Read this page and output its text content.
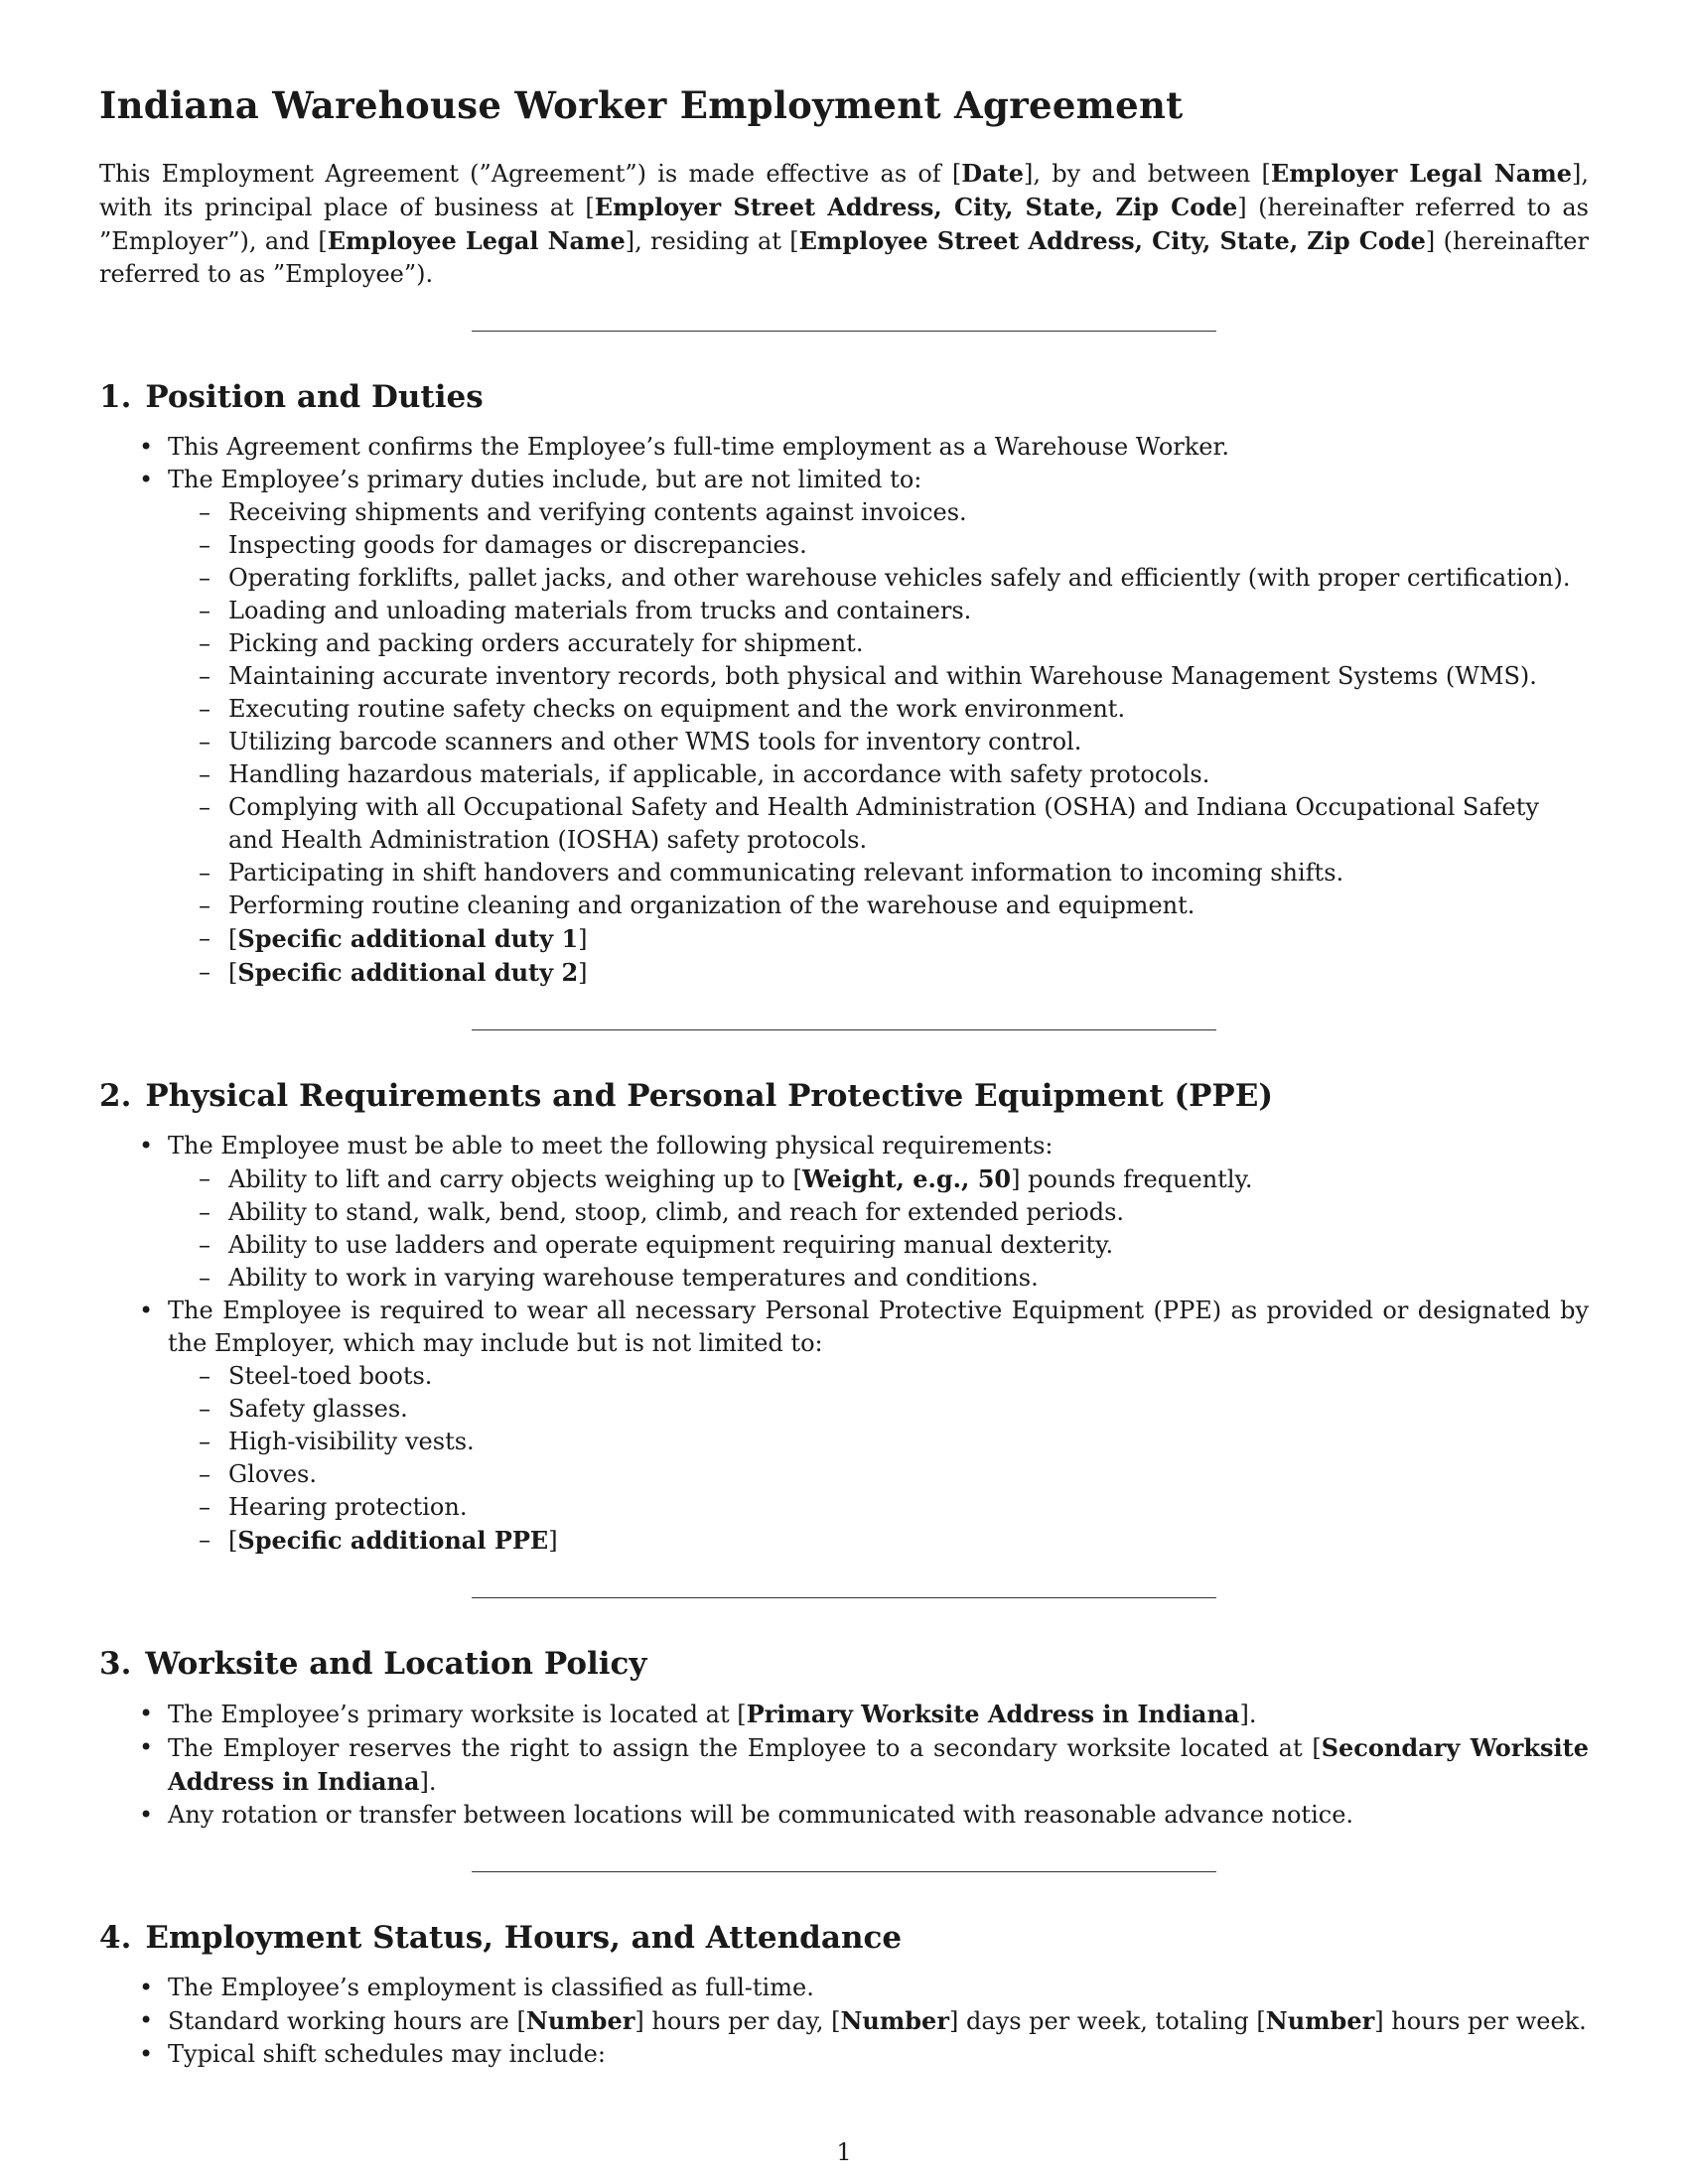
Indiana Warehouse Worker Employment Agreement

This Employment Agreement (”Agreement”) is made effective as of [Date], by and between [Employer Legal Name], with its principal place of business at [Employer Street Address, City, State, Zip Code] (hereinafter referred to as ”Employer”), and [Employee Legal Name], residing at [Employee Street Address, City, State, Zip Code] (hereinafter referred to as ”Employee”).

1. Position and Duties
• This Agreement confirms the Employee’s full-time employment as a Warehouse Worker.
• The Employee’s primary duties include, but are not limited to:
– Receiving shipments and verifying contents against invoices.
– Inspecting goods for damages or discrepancies.
– Operating forklifts, pallet jacks, and other warehouse vehicles safely and efficiently (with proper certification).
– Loading and unloading materials from trucks and containers.
– Picking and packing orders accurately for shipment.
– Maintaining accurate inventory records, both physical and within Warehouse Management Systems (WMS).
– Executing routine safety checks on equipment and the work environment.
– Utilizing barcode scanners and other WMS tools for inventory control.
– Handling hazardous materials, if applicable, in accordance with safety protocols.
– Complying with all Occupational Safety and Health Administration (OSHA) and Indiana Occupational Safety and Health Administration (IOSHA) safety protocols.
– Participating in shift handovers and communicating relevant information to incoming shifts.
– Performing routine cleaning and organization of the warehouse and equipment.
– [Specific additional duty 1]
– [Specific additional duty 2]
2. Physical Requirements and Personal Protective Equipment (PPE)
• The Employee must be able to meet the following physical requirements:
– Ability to lift and carry objects weighing up to [Weight, e.g., 50] pounds frequently.
– Ability to stand, walk, bend, stoop, climb, and reach for extended periods.
– Ability to use ladders and operate equipment requiring manual dexterity.
– Ability to work in varying warehouse temperatures and conditions.
• The Employee is required to wear all necessary Personal Protective Equipment (PPE) as provided or designated by the Employer, which may include but is not limited to:
– Steel-toed boots.
– Safety glasses.
– High-visibility vests.
– Gloves.
– Hearing protection.
– [Specific additional PPE]
3. Worksite and Location Policy
• The Employee’s primary worksite is located at [Primary Worksite Address in Indiana].
• The Employer reserves the right to assign the Employee to a secondary worksite located at [Secondary Worksite Address in Indiana].
• Any rotation or transfer between locations will be communicated with reasonable advance notice.
4. Employment Status, Hours, and Attendance
• The Employee’s employment is classified as full-time.
• Standard working hours are [Number] hours per day, [Number] days per week, totaling [Number] hours per week.
• Typical shift schedules may include:
1
